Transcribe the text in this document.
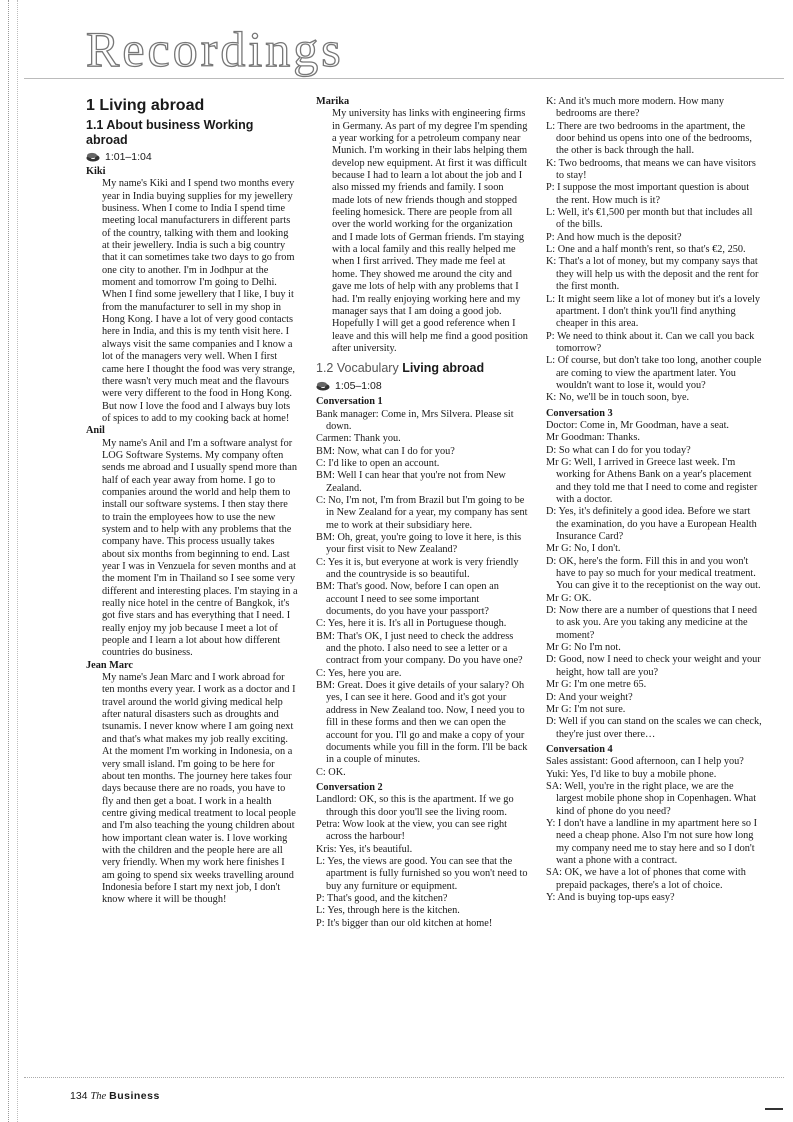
Recordings
1 Living abroad
1.1 About business Working abroad
1:01–1:04
Kiki
My name's Kiki and I spend two months every year in India buying supplies for my jewellery business. When I come to India I spend time meeting local manufacturers in different parts of the country, talking with them and looking at their jewellery. India is such a big country that it can sometimes take two days to go from one city to another. I'm in Jodhpur at the moment and tomorrow I'm going to Delhi. When I find some jewellery that I like, I buy it from the manufacturer to sell in my shop in Hong Kong. I have a lot of very good contacts here in India, and this is my tenth visit here. I always visit the same companies and I know a lot of the managers very well. When I first came here I thought the food was very strange, there wasn't very much meat and the flavours were very different to the food in Hong Kong. But now I love the food and I always buy lots of spices to add to my cooking back at home!
Anil
My name's Anil and I'm a software analyst for LOG Software Systems. My company often sends me abroad and I usually spend more than half of each year away from home. I go to companies around the world and help them to install our software systems. I then stay there to train the employees how to use the new system and to help with any problems that the company have. This process usually takes about six months from beginning to end. Last year I was in Venzuela for seven months and at the moment I'm in Thailand so I see some very different and interesting places. I'm staying in a really nice hotel in the centre of Bangkok, it's got five stars and has everything that I need. I really enjoy my job because I meet a lot of people and I learn a lot about how different countries do business.
Jean Marc
My name's Jean Marc and I work abroad for ten months every year. I work as a doctor and I travel around the world giving medical help after natural disasters such as droughts and tsunamis. I never know where I am going next and that's what makes my job really exciting. At the moment I'm working in Indonesia, on a very small island. I'm going to be here for about ten months. The journey here takes four days because there are no roads, you have to fly and then get a boat. I work in a health centre giving medical treatment to local people and I'm also teaching the young children about how important clean water is. I love working with the children and the people here are all very friendly. When my work here finishes I am going to spend six weeks travelling around Indonesia before I start my next job, I don't know where it will be though!
Marika
My university has links with engineering firms in Germany. As part of my degree I'm spending a year working for a petroleum company near Munich. I'm working in their labs helping them develop new equipment. At first it was difficult because I had to learn a lot about the job and I also missed my friends and family. I soon made lots of new friends though and stopped feeling homesick. There are people from all over the world working for the organization and I made lots of German friends. I'm staying with a local family and this really helped me when I first arrived. They made me feel at home. They showed me around the city and gave me lots of help with any problems that I had. I'm really enjoying working here and my manager says that I am doing a good job. Hopefully I will get a good reference when I leave and this will help me find a good position after university.
1.2 Vocabulary Living abroad
1:05–1:08
Conversation 1
Bank manager: Come in, Mrs Silvera. Please sit down.
Carmen: Thank you.
BM: Now, what can I do for you?
C: I'd like to open an account.
BM: Well I can hear that you're not from New Zealand.
C: No, I'm not, I'm from Brazil but I'm going to be in New Zealand for a year, my company has sent me to work at their subsidiary here.
BM: Oh, great, you're going to love it here, is this your first visit to New Zealand?
C: Yes it is, but everyone at work is very friendly and the countryside is so beautiful.
BM: That's good. Now, before I can open an account I need to see some important documents, do you have your passport?
C: Yes, here it is. It's all in Portuguese though.
BM: That's OK, I just need to check the address and the photo. I also need to see a letter or a contract from your company. Do you have one?
C: Yes, here you are.
BM: Great. Does it give details of your salary? Oh yes, I can see it here. Good and it's got your address in New Zealand too. Now, I need you to fill in these forms and then we can open the account for you. I'll go and make a copy of your documents while you fill in the form. I'll be back in a couple of minutes.
C: OK.
Conversation 2
Landlord: OK, so this is the apartment. If we go through this door you'll see the living room.
Petra: Wow look at the view, you can see right across the harbour!
Kris: Yes, it's beautiful.
L: Yes, the views are good. You can see that the apartment is fully furnished so you won't need to buy any furniture or equipment.
P: That's good, and the kitchen?
L: Yes, through here is the kitchen.
P: It's bigger than our old kitchen at home!
K: And it's much more modern. How many bedrooms are there?
L: There are two bedrooms in the apartment, the door behind us opens into one of the bedrooms, the other is back through the hall.
K: Two bedrooms, that means we can have visitors to stay!
P: I suppose the most important question is about the rent. How much is it?
L: Well, it's €1,500 per month but that includes all of the bills.
P: And how much is the deposit?
L: One and a half month's rent, so that's €2, 250.
K: That's a lot of money, but my company says that they will help us with the deposit and the rent for the first month.
L: It might seem like a lot of money but it's a lovely apartment. I don't think you'll find anything cheaper in this area.
P: We need to think about it. Can we call you back tomorrow?
L: Of course, but don't take too long, another couple are coming to view the apartment later. You wouldn't want to lose it, would you?
K: No, we'll be in touch soon, bye.
Conversation 3
Doctor: Come in, Mr Goodman, have a seat.
Mr Goodman: Thanks.
D: So what can I do for you today?
Mr G: Well, I arrived in Greece last week. I'm working for Athens Bank on a year's placement and they told me that I need to come and register with a doctor.
D: Yes, it's definitely a good idea. Before we start the examination, do you have a European Health Insurance Card?
Mr G: No, I don't.
D: OK, here's the form. Fill this in and you won't have to pay so much for your medical treatment. You can give it to the receptionist on the way out.
Mr G: OK.
D: Now there are a number of questions that I need to ask you. Are you taking any medicine at the moment?
Mr G: No I'm not.
D: Good, now I need to check your weight and your height, how tall are you?
Mr G: I'm one metre 65.
D: And your weight?
Mr G: I'm not sure.
D: Well if you can stand on the scales we can check, they're just over there…
Conversation 4
Sales assistant: Good afternoon, can I help you?
Yuki: Yes, I'd like to buy a mobile phone.
SA: Well, you're in the right place, we are the largest mobile phone shop in Copenhagen. What kind of phone do you need?
Y: I don't have a landline in my apartment here so I need a cheap phone. Also I'm not sure how long my company need me to stay here and so I don't want a phone with a contract.
SA: OK, we have a lot of phones that come with prepaid packages, there's a lot of choice.
Y: And is buying top-ups easy?
134 The Business
